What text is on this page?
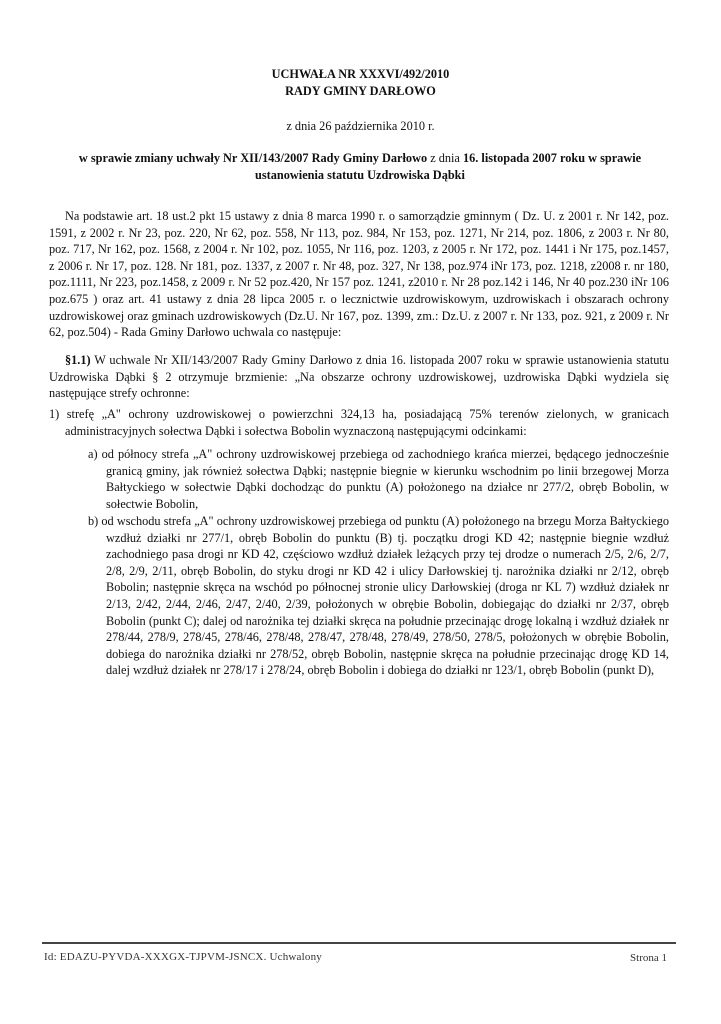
UCHWAŁA NR XXXVI/492/2010
RADY GMINY DARŁOWO
z dnia 26 października 2010 r.
w sprawie zmiany uchwały Nr XII/143/2007 Rady Gminy Darłowo z dnia 16. listopada 2007 roku w sprawie ustanowienia statutu Uzdrowiska Dąbki
Na podstawie art. 18 ust.2 pkt 15 ustawy z dnia 8 marca 1990 r. o samorządzie gminnym ( Dz. U. z 2001 r. Nr 142, poz. 1591, z 2002 r. Nr 23, poz. 220, Nr 62, poz. 558, Nr 113, poz. 984, Nr 153, poz. 1271, Nr 214, poz. 1806, z 2003 r. Nr 80, poz. 717, Nr 162, poz. 1568, z 2004 r. Nr 102, poz. 1055, Nr 116, poz. 1203, z 2005 r. Nr 172, poz. 1441 i Nr 175, poz.1457, z 2006 r. Nr 17, poz. 128. Nr 181, poz. 1337, z 2007 r. Nr 48, poz. 327, Nr 138, poz.974 iNr 173, poz. 1218, z2008 r. nr 180, poz.1111, Nr 223, poz.1458, z 2009 r. Nr 52 poz.420, Nr 157 poz. 1241, z2010 r. Nr 28 poz.142 i 146, Nr 40 poz.230 iNr 106 poz.675 ) oraz art. 41 ustawy z dnia 28 lipca 2005 r. o lecznictwie uzdrowiskowym, uzdrowiskach i obszarach ochrony uzdrowiskowej oraz gminach uzdrowiskowych (Dz.U. Nr 167, poz. 1399, zm.: Dz.U. z 2007 r. Nr 133, poz. 921, z 2009 r. Nr 62, poz.504) - Rada Gminy Darłowo uchwala co następuje:
§1.1) W uchwale Nr XII/143/2007 Rady Gminy Darłowo z dnia 16. listopada 2007 roku w sprawie ustanowienia statutu Uzdrowiska Dąbki § 2 otrzymuje brzmienie: „Na obszarze ochrony uzdrowiskowej, uzdrowiska Dąbki wydziela się następujące strefy ochronne:
1) strefę „A" ochrony uzdrowiskowej o powierzchni 324,13 ha, posiadającą 75% terenów zielonych, w granicach administracyjnych sołectwa Dąbki i sołectwa Bobolin wyznaczoną następującymi odcinkami:
a) od północy strefa „A" ochrony uzdrowiskowej przebiega od zachodniego krańca mierzei, będącego jednocześnie granicą gminy, jak również sołectwa Dąbki; następnie biegnie w kierunku wschodnim po linii brzegowej Morza Bałtyckiego w sołectwie Dąbki dochodząc do punktu (A) położonego na działce nr 277/2, obręb Bobolin, w sołectwie Bobolin,
b) od wschodu strefa „A" ochrony uzdrowiskowej przebiega od punktu (A) położonego na brzegu Morza Bałtyckiego wzdłuż działki nr 277/1, obręb Bobolin do punktu (B) tj. początku drogi KD 42; następnie biegnie wzdłuż zachodniego pasa drogi nr KD 42, częściowo wzdłuż działek leżących przy tej drodze o numerach 2/5, 2/6, 2/7, 2/8, 2/9, 2/11, obręb Bobolin, do styku drogi nr KD 42 i ulicy Darłowskiej tj. narożnika działki nr 2/12, obręb Bobolin; następnie skręca na wschód po północnej stronie ulicy Darłowskiej (droga nr KL 7) wzdłuż działek nr 2/13, 2/42, 2/44, 2/46, 2/47, 2/40, 2/39, położonych w obrębie Bobolin, dobiegając do działki nr 2/37, obręb Bobolin (punkt C); dalej od narożnika tej działki skręca na południe przecinając drogę lokalną i wzdłuż działek nr 278/44, 278/9, 278/45, 278/46, 278/48, 278/47, 278/48, 278/49, 278/50, 278/5, położonych w obrębie Bobolin, dobiega do narożnika działki nr 278/52, obręb Bobolin, następnie skręca na południe przecinając drogę KD 14, dalej wzdłuż działek nr 278/17 i 278/24, obręb Bobolin i dobiega do działki nr 123/1, obręb Bobolin (punkt D),
Id: EDAZU-PYVDA-XXXGX-TJPVM-JSNCX. Uchwalony	Strona 1
